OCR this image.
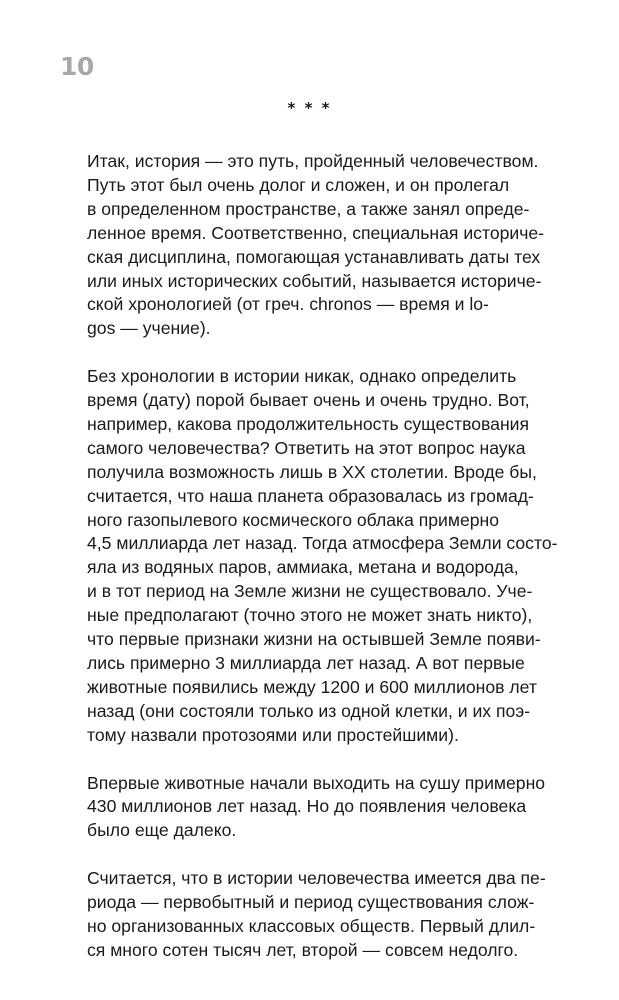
10
* * *
Итак, история — это путь, пройденный человечеством.
Путь этот был очень долог и сложен, и он пролегал
в определенном пространстве, а также занял опреде-
ленное время. Соответственно, специальная историче-
ская дисциплина, помогающая устанавливать даты тех
или иных исторических событий, называется историче-
ской хронологией (от греч. chronos — время и lo-
gos — учение).
Без хронологии в истории никак, однако определить
время (дату) порой бывает очень и очень трудно. Вот,
например, какова продолжительность существования
самого человечества? Ответить на этот вопрос наука
получила возможность лишь в XX столетии. Вроде бы,
считается, что наша планета образовалась из громад-
ного газопылевого космического облака примерно
4,5 миллиарда лет назад. Тогда атмосфера Земли состо-
яла из водяных паров, аммиака, метана и водорода,
и в тот период на Земле жизни не существовало. Уче-
ные предполагают (точно этого не может знать никто),
что первые признаки жизни на остывшей Земле появи-
лись примерно 3 миллиарда лет назад. А вот первые
животные появились между 1200 и 600 миллионов лет
назад (они состояли только из одной клетки, и их поэ-
тому назвали протозоями или простейшими).
Впервые животные начали выходить на сушу примерно
430 миллионов лет назад. Но до появления человека
было еще далеко.
Считается, что в истории человечества имеется два пе-
риода — первобытный и период существования слож-
но организованных классовых обществ. Первый длил-
ся много сотен тысяч лет, второй — совсем недолго.
